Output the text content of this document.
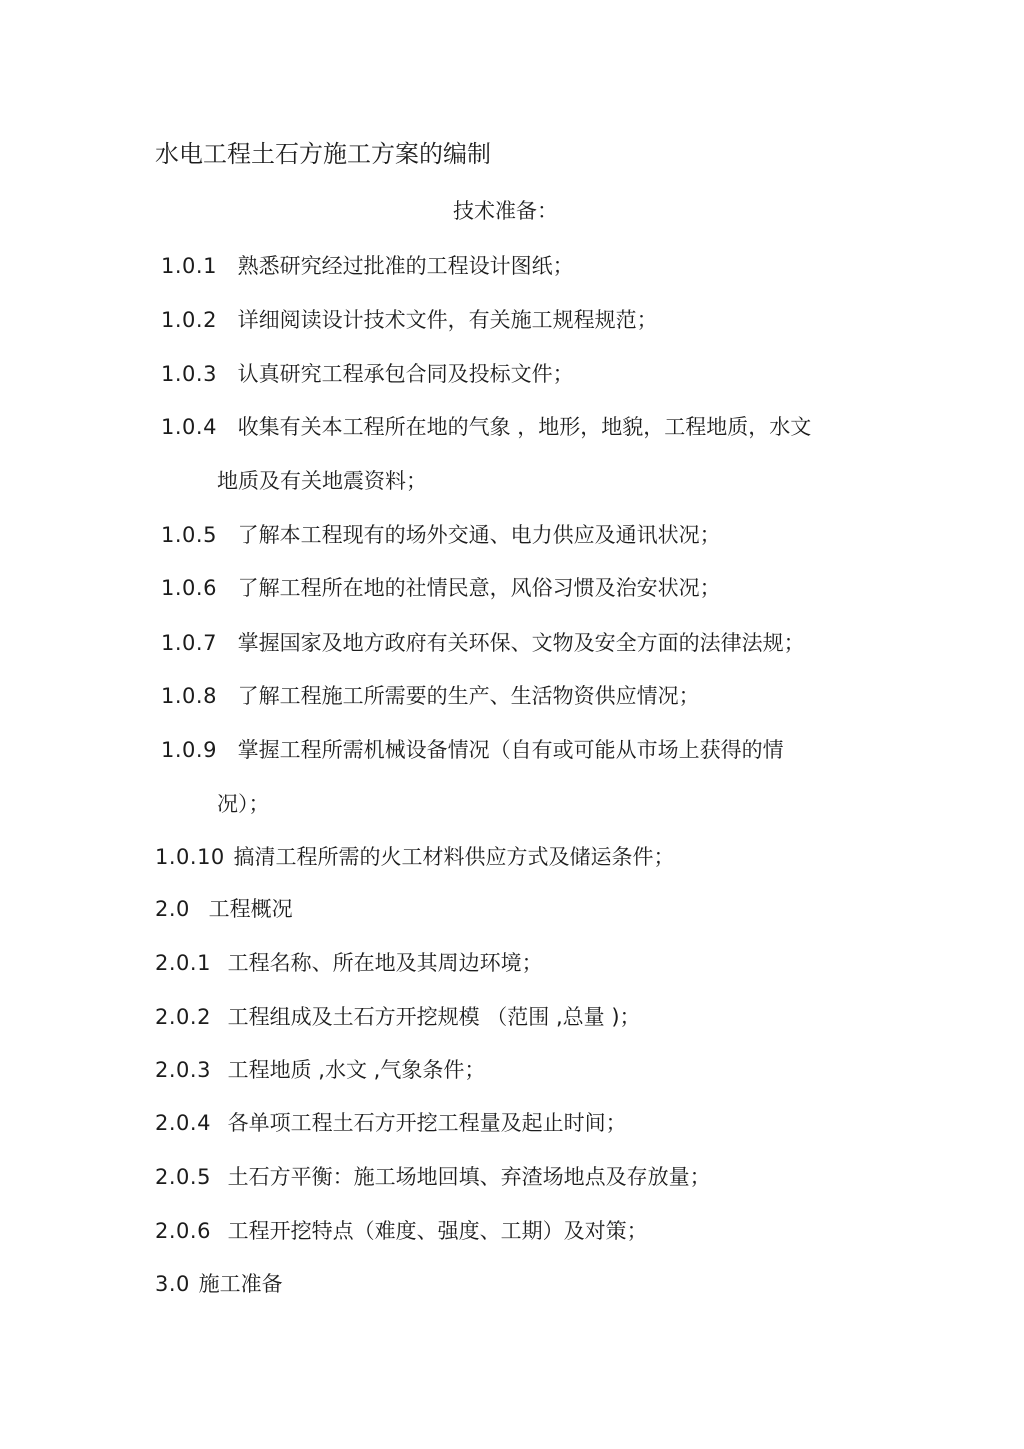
水电工程土石方施工方案的编制
技术准备：
1.0.1 熟悉研究经过批准的工程设计图纸；
1.0.2 详细阅读设计技术文件，有关施工规程规范；
1.0.3 认真研究工程承包合同及投标文件；
1.0.4 收集有关本工程所在地的气象 ，地形，地貌，工程地质，水文
地质及有关地震资料；
1.0.5 了解本工程现有的场外交通、电力供应及通讯状况；
1.0.6 了解工程所在地的社情民意，风俗习惯及治安状况；
1.0.7 掌握国家及地方政府有关环保、文物及安全方面的法律法规；
1.0.8 了解工程施工所需要的生产、生活物资供应情况；
1.0.9 掌握工程所需机械设备情况（自有或可能从市场上获得的情
况）；
1.0.10 搞清工程所需的火工材料供应方式及储运条件；
2.0 工程概况
2.0.1 工程名称、所在地及其周边环境；
2.0.2 工程组成及土石方开挖规模 （范围 ,总量 )；
2.0.3 工程地质 ,水文 ,气象条件；
2.0.4 各单项工程土石方开挖工程量及起止时间；
2.0.5 土石方平衡：施工场地回填、弃渣场地点及存放量；
2.0.6 工程开挖特点（难度、强度、工期）及对策；
3.0 施工准备
